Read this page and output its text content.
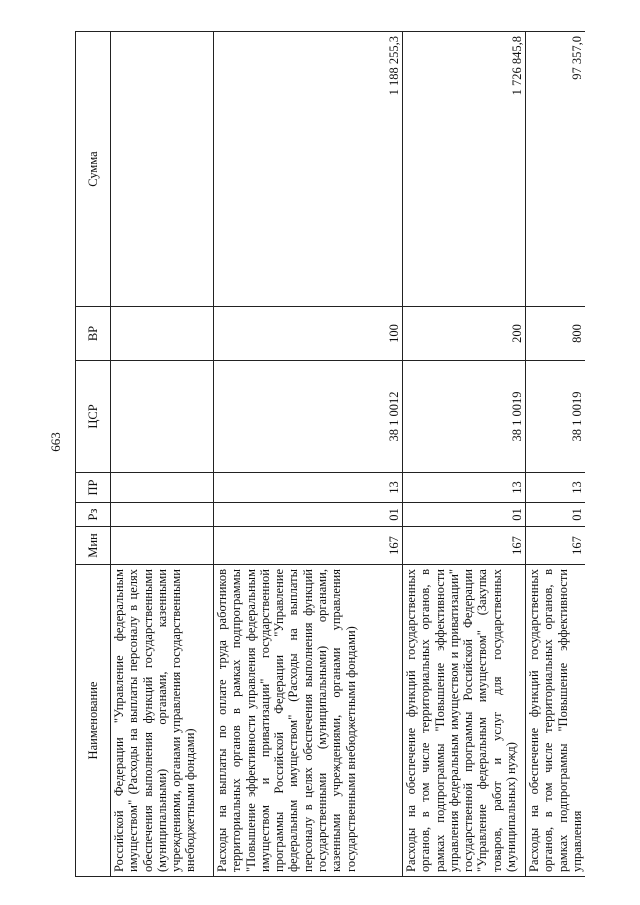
663
Наименование	Мин	Рз	ПР	ЦСР	ВР	Сумма
Российской Федерации "Управление федеральным имуществом" (Расходы на выплаты персоналу в целях обеспечения выполнения функций государственными (муниципальными) органами, казенными учреждениями, органами управления государственными внебюджетными фондами)						
Расходы на выплаты по оплате труда работников территориальных органов в рамках подпрограммы "Повышение эффективности управления федеральным имуществом и приватизации" государственной программы Российской Федерации "Управление федеральным имуществом" (Расходы на выплаты персоналу в целях обеспечения выполнения функций государственными (муниципальными) органами, казенными учреждениями, органами управления государственными внебюджетными фондами)	167	01	13	38 1 0012	100	1 188 255,3
Расходы на обеспечение функций государственных органов, в том числе территориальных органов, в рамках подпрограммы "Повышение эффективности управления федеральным имуществом и приватизации" государственной программы Российской Федерации "Управление федеральным имуществом" (Закупка товаров, работ и услуг для государственных (муниципальных) нужд)	167	01	13	38 1 0019	200	1 726 845,8
Расходы на обеспечение функций государственных органов, в том числе территориальных органов, в рамках подпрограммы "Повышение эффективности управления	167	01	13	38 1 0019	800	97 357,0
